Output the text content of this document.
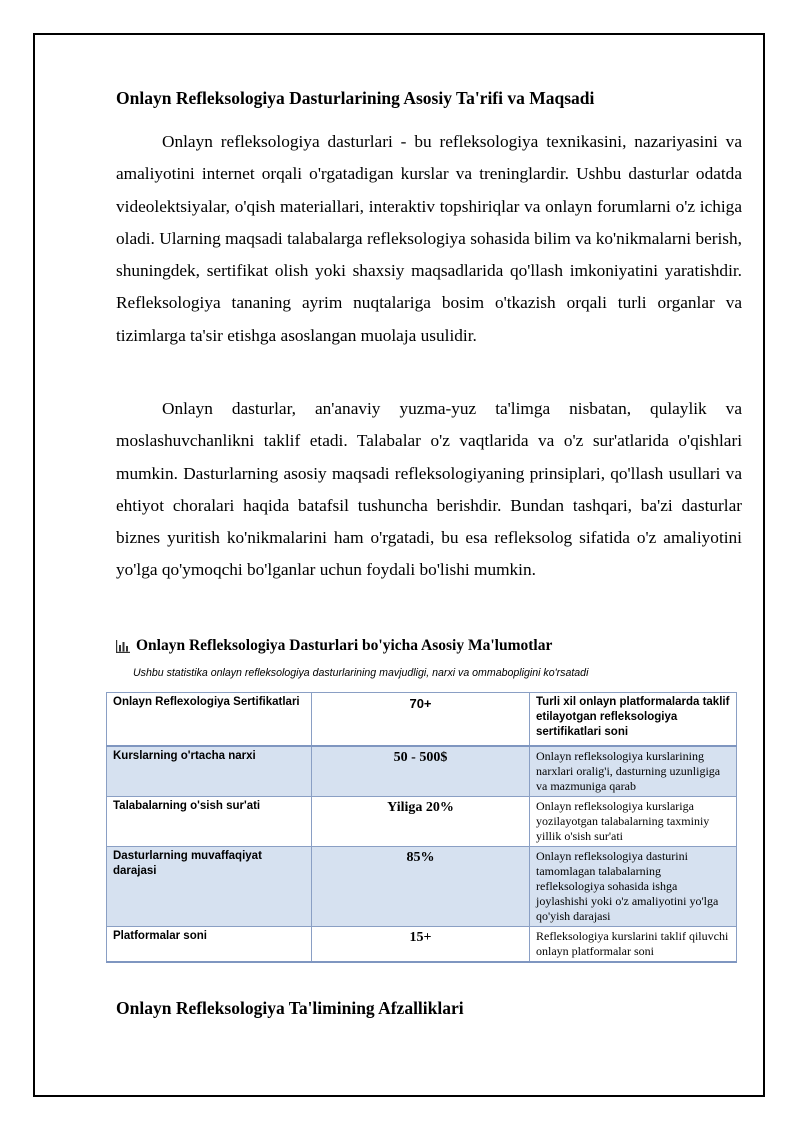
Onlayn Refleksologiya Dasturlarining Asosiy Ta'rifi va Maqsadi

Onlayn refleksologiya dasturlari - bu refleksologiya texnikasini, nazariyasini va amaliyotini internet orqali o'rgatadigan kurslar va treninglardir. Ushbu dasturlar odatda videolektsiyalar, o'qish materiallari, interaktiv topshiriqlar va onlayn forumlarni o'z ichiga oladi. Ularning maqsadi talabalarga refleksologiya sohasida bilim va ko'nikmalarni berish, shuningdek, sertifikat olish yoki shaxsiy maqsadlarida qo'llash imkoniyatini yaratishdir. Refleksologiya tananing ayrim nuqtalariga bosim o'tkazish orqali turli organlar va tizimlarga ta'sir etishga asoslangan muolaja usulidir.

Onlayn dasturlar, an'anaviy yuzma-yuz ta'limga nisbatan, qulaylik va moslashuvchanlikni taklif etadi. Talabalar o'z vaqtlarida va o'z sur'atlarida o'qishlari mumkin. Dasturlarning asosiy maqsadi refleksologiyaning prinsiplari, qo'llash usullari va ehtiyot choralari haqida batafsil tushuncha berishdir. Bundan tashqari, ba'zi dasturlar biznes yuritish ko'nikmalarini ham o'rgatadi, bu esa refleksolog sifatida o'z amaliyotini yo'lga qo'ymoqchi bo'lganlar uchun foydali bo'lishi mumkin.

Onlayn Refleksologiya Dasturlari bo'yicha Asosiy Ma'lumotlar
Ushbu statistika onlayn refleksologiya dasturlarining mavjudligi, narxi va ommabopligini ko'rsatadi
Onlayn Reflexologiya Sertifikatlari	70+	Turli xil onlayn platformalarda taklif etilayotgan refleksologiya sertifikatlari soni
Kurslarning o'rtacha narxi	50 - 500$	Onlayn refleksologiya kurslarining narxlari oralig'i, dasturning uzunligiga va mazmuniga qarab
Talabalarning o'sish sur'ati	Yiliga 20%	Onlayn refleksologiya kurslariga yozilayotgan talabalarning taxminiy yillik o'sish sur'ati
Dasturlarning muvaffaqiyat darajasi	85%	Onlayn refleksologiya dasturini tamomlagan talabalarning refleksologiya sohasida ishga joylashishi yoki o'z amaliyotini yo'lga qo'yish darajasi
Platformalar soni	15+	Refleksologiya kurslarini taklif qiluvchi onlayn platformalar soni
Onlayn Refleksologiya Ta'limining Afzalliklari
